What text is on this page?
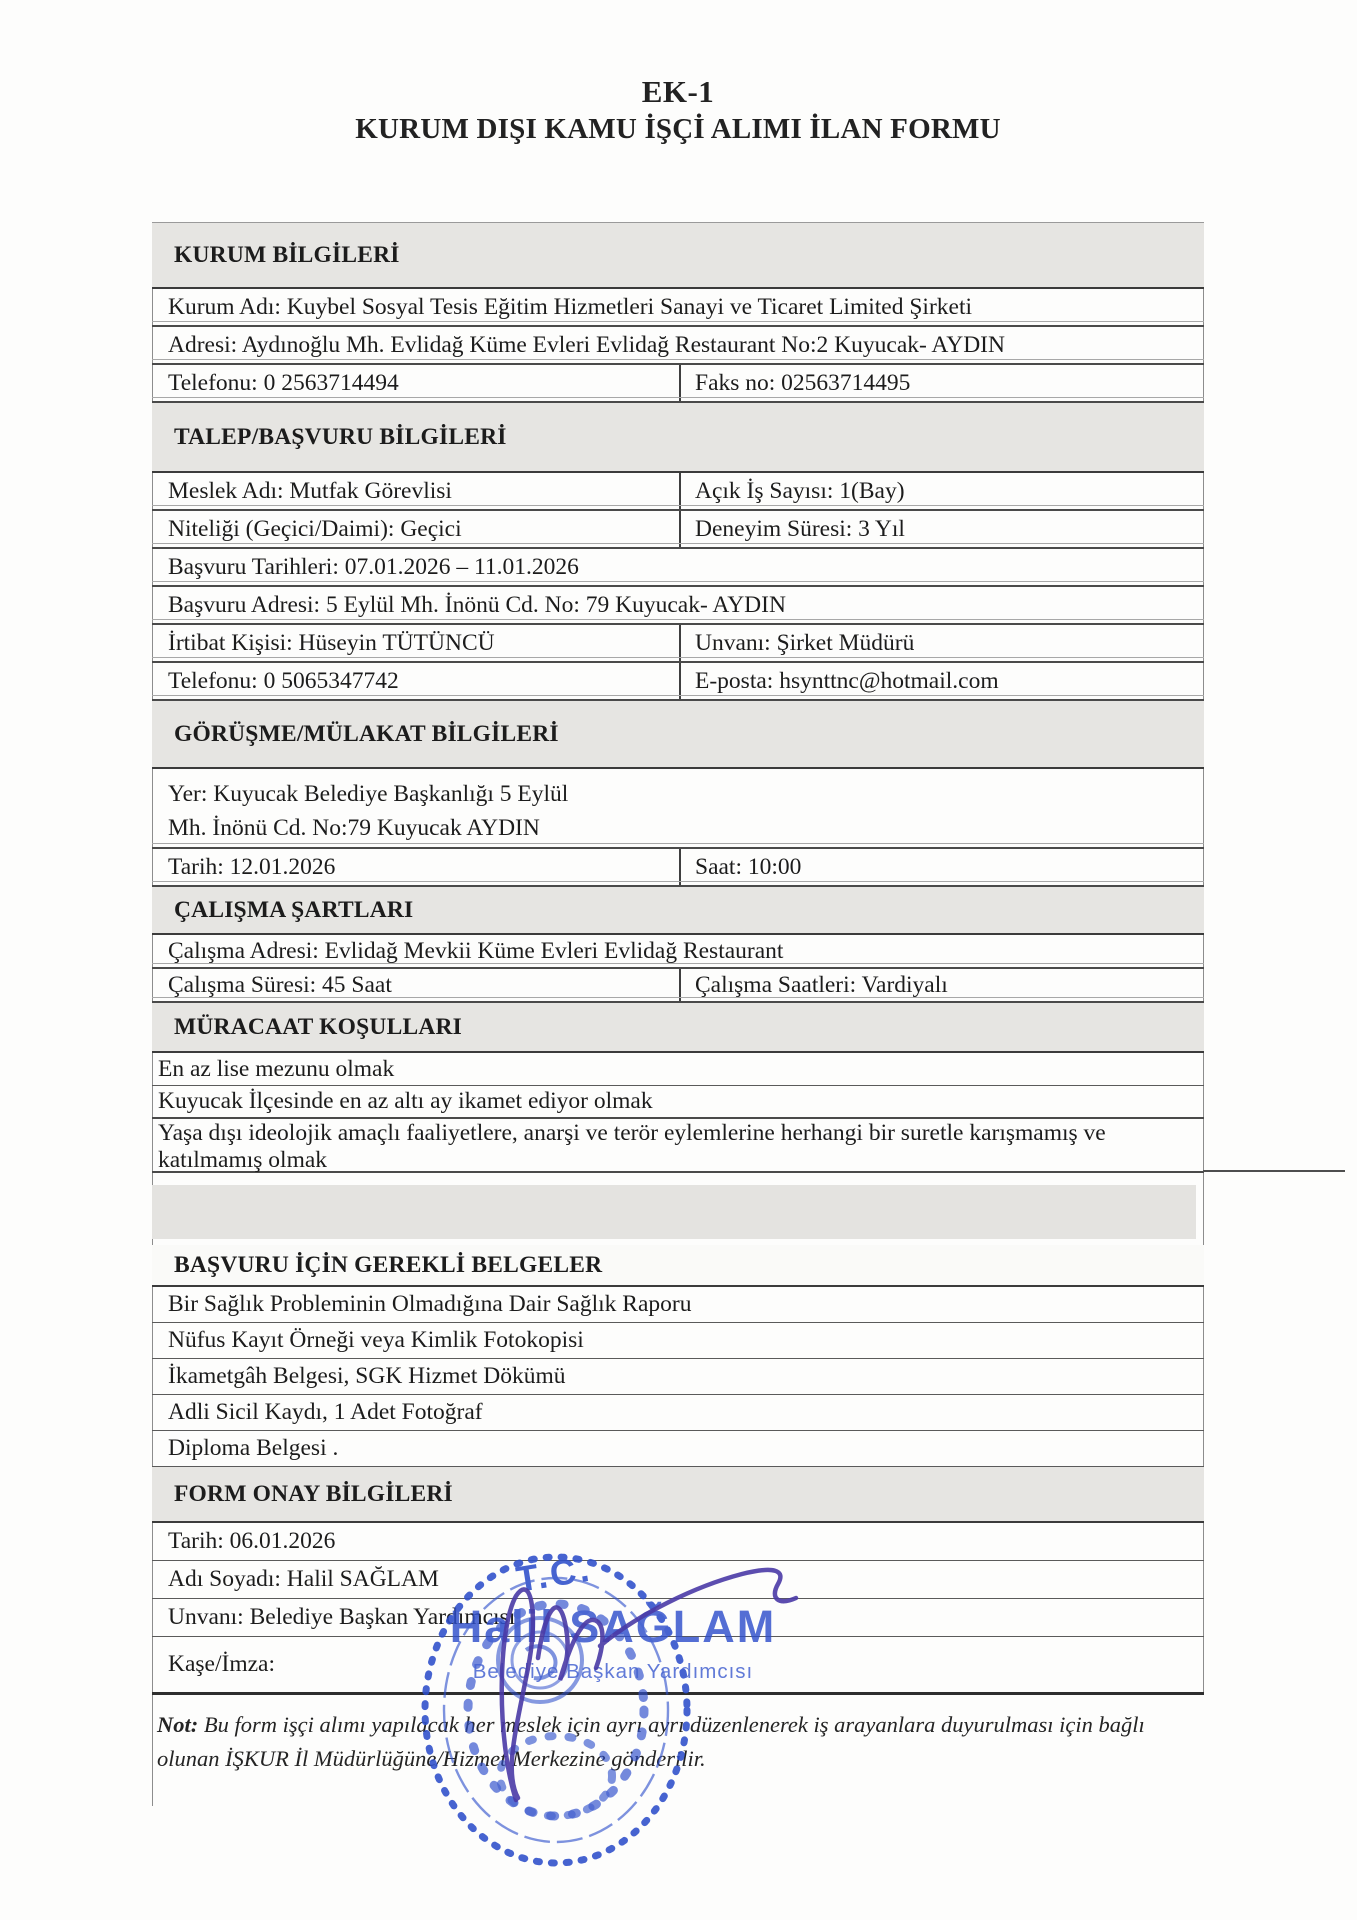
EK-1
KURUM DIŞI KAMU İŞÇİ ALIMI İLAN FORMU
KURUM BİLGİLERİ
Kurum Adı: Kuybel Sosyal Tesis Eğitim Hizmetleri Sanayi ve Ticaret Limited Şirketi
Adresi: Aydınoğlu Mh. Evlidağ Küme Evleri Evlidağ Restaurant No:2 Kuyucak- AYDIN
Telefonu: 0 2563714494	Faks no: 02563714495
TALEP/BAŞVURU BİLGİLERİ
Meslek Adı: Mutfak Görevlisi	Açık İş Sayısı: 1(Bay)
Niteliği (Geçici/Daimi): Geçici	Deneyim Süresi: 3 Yıl
Başvuru Tarihleri: 07.01.2026 – 11.01.2026
Başvuru Adresi: 5 Eylül Mh. İnönü Cd. No: 79 Kuyucak- AYDIN
İrtibat Kişisi: Hüseyin TÜTÜNCÜ	Unvanı: Şirket Müdürü
Telefonu: 0 5065347742	E-posta: hsynttnc@hotmail.com
GÖRÜŞME/MÜLAKAT BİLGİLERİ
Yer: Kuyucak Belediye Başkanlığı 5 Eylül
Mh. İnönü Cd. No:79 Kuyucak AYDIN
Tarih: 12.01.2026	Saat: 10:00
ÇALIŞMA ŞARTLARI
Çalışma Adresi: Evlidağ Mevkii Küme Evleri Evlidağ Restaurant
Çalışma Süresi: 45 Saat	Çalışma Saatleri: Vardiyalı
MÜRACAAT KOŞULLARI
En az lise mezunu olmak
Kuyucak İlçesinde en az altı ay ikamet ediyor olmak
Yaşa dışı ideolojik amaçlı faaliyetlere, anarşi ve terör eylemlerine herhangi bir suretle karışmamış ve katılmamış olmak
BAŞVURU İÇİN GEREKLİ BELGELER
Bir Sağlık Probleminin Olmadığına Dair Sağlık Raporu
Nüfus Kayıt Örneği veya Kimlik Fotokopisi
İkametgâh Belgesi, SGK Hizmet Dökümü
Adli Sicil Kaydı, 1 Adet Fotoğraf
Diploma Belgesi .
FORM ONAY BİLGİLERİ
Tarih: 06.01.2026
Adı Soyadı: Halil SAĞLAM
Unvanı: Belediye Başkan Yardımcısı
Kaşe/İmza:
Not: Bu form işçi alımı yapılacak her meslek için ayrı ayrı düzenlenerek iş arayanlara duyurulması için bağlı olunan İŞKUR İl Müdürlüğüne/Hizmet Merkezine gönderilir.
T.C.
Halil SAĞLAM
Belediye Başkan Yardımcısı
